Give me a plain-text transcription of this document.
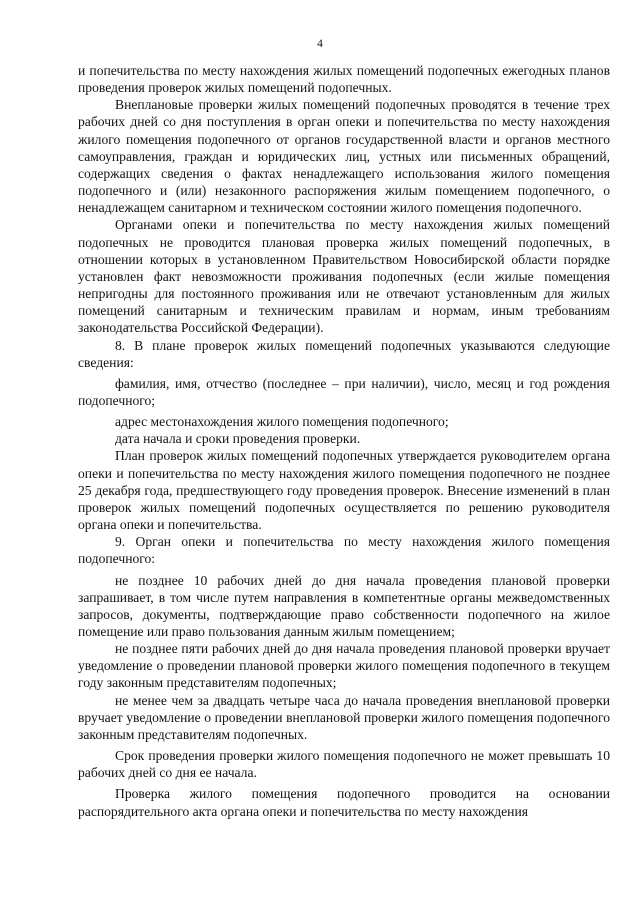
4

и попечительства по месту нахождения жилых помещений подопечных ежегодных планов проведения проверок жилых помещений подопечных.

Внеплановые проверки жилых помещений подопечных проводятся в течение трех рабочих дней со дня поступления в орган опеки и попечительства по месту нахождения жилого помещения подопечного от органов государственной власти и органов местного самоуправления, граждан и юридических лиц, устных или письменных обращений, содержащих сведения о фактах ненадлежащего использования жилого помещения подопечного и (или) незаконного распоряжения жилым помещением подопечного, о ненадлежащем санитарном и техническом состоянии жилого помещения подопечного.

Органами опеки и попечительства по месту нахождения жилых помещений подопечных не проводится плановая проверка жилых помещений подопечных, в отношении которых в установленном Правительством Новосибирской области порядке установлен факт невозможности проживания подопечных (если жилые помещения непригодны для постоянного проживания или не отвечают установленным для жилых помещений санитарным и техническим правилам и нормам, иным требованиям законодательства Российской Федерации).

8. В плане проверок жилых помещений подопечных указываются следующие сведения:

фамилия, имя, отчество (последнее – при наличии), число, месяц и год рождения подопечного;

адрес местонахождения жилого помещения подопечного;

дата начала и сроки проведения проверки.

План проверок жилых помещений подопечных утверждается руководителем органа опеки и попечительства по месту нахождения жилого помещения подопечного не позднее 25 декабря года, предшествующего году проведения проверок. Внесение изменений в план проверок жилых помещений подопечных осуществляется по решению руководителя органа опеки и попечительства.

9. Орган опеки и попечительства по месту нахождения жилого помещения подопечного:

не позднее 10 рабочих дней до дня начала проведения плановой проверки запрашивает, в том числе путем направления в компетентные органы межведомственных запросов, документы, подтверждающие право собственности подопечного на жилое помещение или право пользования данным жилым помещением;

не позднее пяти рабочих дней до дня начала проведения плановой проверки вручает уведомление о проведении плановой проверки жилого помещения подопечного в текущем году законным представителям подопечных;

не менее чем за двадцать четыре часа до начала проведения внеплановой проверки вручает уведомление о проведении внеплановой проверки жилого помещения подопечного законным представителям подопечных.

Срок проведения проверки жилого помещения подопечного не может превышать 10 рабочих дней со дня ее начала.

Проверка жилого помещения подопечного проводится на основании распорядительного акта органа опеки и попечительства по месту нахождения
